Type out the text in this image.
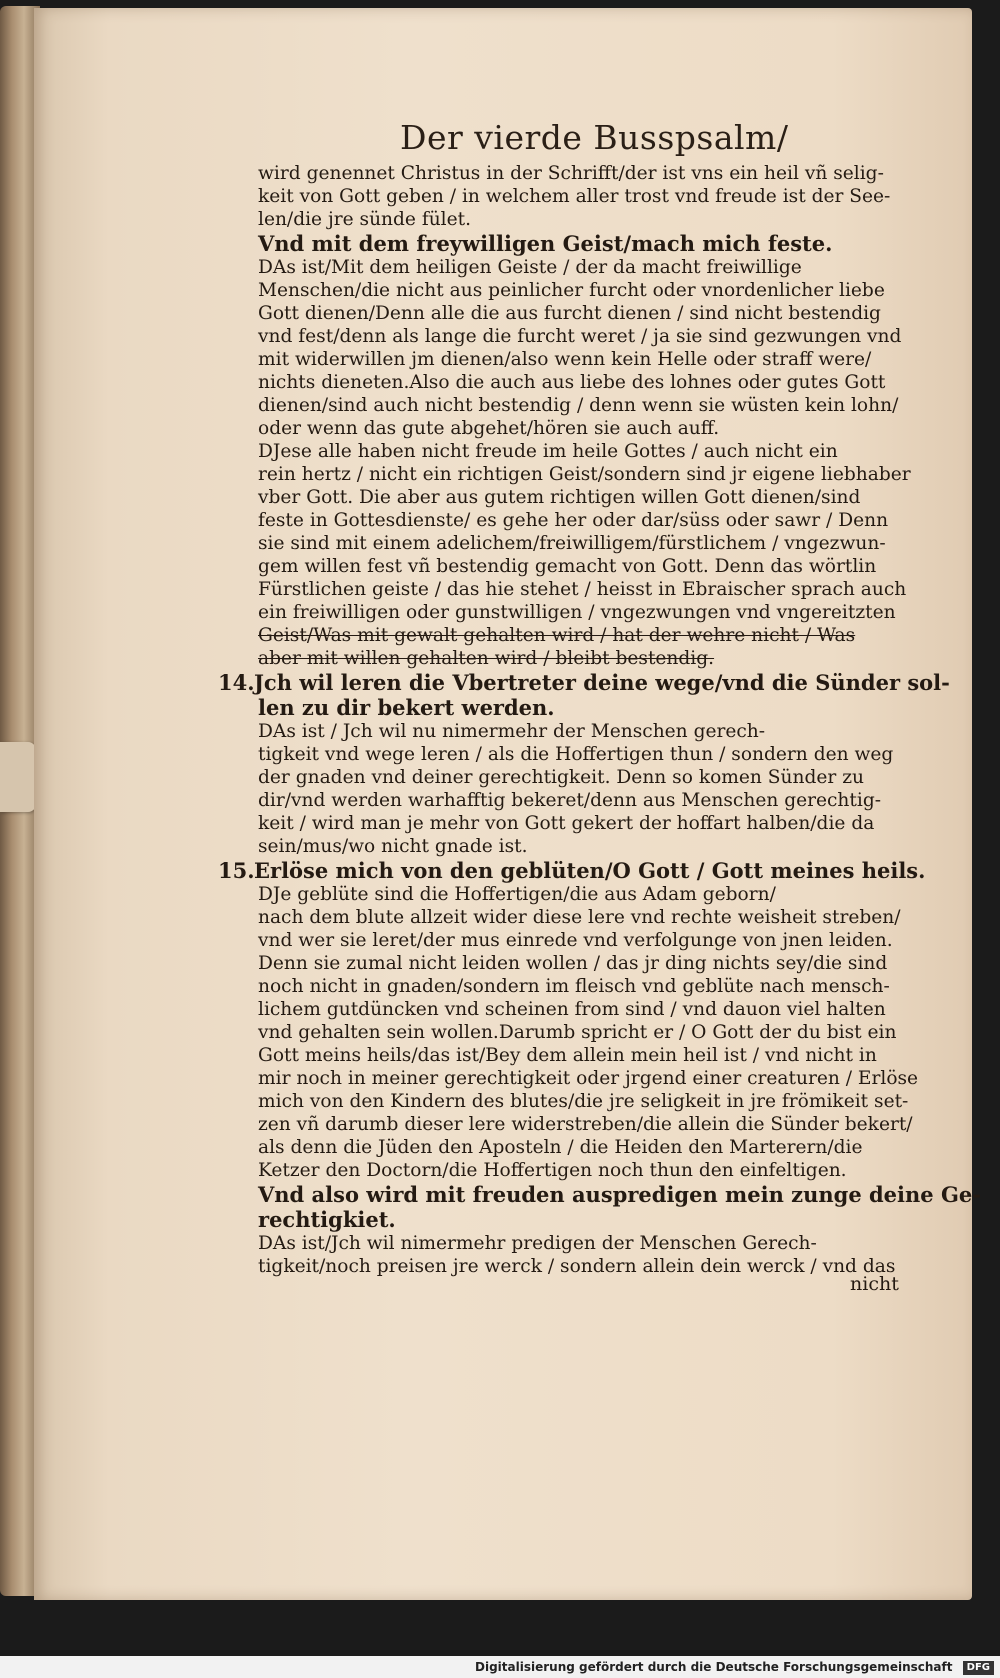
Der vierde Busspsalm/

wird genennet Christus in der Schrifft/der ist vns ein heil vñ selig-

keit von Gott geben / in welchem aller trost vnd freude ist der See-

len/die jre sünde fület.

Vnd mit dem freywilligen Geist/mach mich feste.

DAs ist/Mit dem heiligen Geiste / der da macht freiwillige

Menschen/die nicht aus peinlicher furcht oder vnordenlicher liebe

Gott dienen/Denn alle die aus furcht dienen / sind nicht bestendig

vnd fest/denn als lange die furcht weret / ja sie sind gezwungen vnd

mit widerwillen jm dienen/also wenn kein Helle oder straff were/

nichts dieneten.Also die auch aus liebe des lohnes oder gutes Gott

dienen/sind auch nicht bestendig / denn wenn sie wüsten kein lohn/

oder wenn das gute abgehet/hören sie auch auff.

DJese alle haben nicht freude im heile Gottes / auch nicht ein

rein hertz / nicht ein richtigen Geist/sondern sind jr eigene liebhaber

vber Gott. Die aber aus gutem richtigen willen Gott dienen/sind

feste in Gottesdienste/ es gehe her oder dar/süss oder sawr / Denn

sie sind mit einem adelichem/freiwilligem/fürstlichem / vngezwun-

gem willen fest vñ bestendig gemacht von Gott. Denn das wörtlin

Fürstlichen geiste / das hie stehet / heisst in Ebraischer sprach auch

ein freiwilligen oder gunstwilligen / vngezwungen vnd vngereitzten

Geist/Was mit gewalt gehalten wird / hat der wehre nicht / Was

aber mit willen gehalten wird / bleibt bestendig.

14.Jch wil leren die Vbertreter deine wege/vnd die Sünder sol-

len zu dir bekert werden.

DAs ist / Jch wil nu nimermehr der Menschen gerech-

tigkeit vnd wege leren / als die Hoffertigen thun / sondern den weg

der gnaden vnd deiner gerechtigkeit. Denn so komen Sünder zu

dir/vnd werden warhafftig bekeret/denn aus Menschen gerechtig-

keit / wird man je mehr von Gott gekert der hoffart halben/die da

sein/mus/wo nicht gnade ist.

15.Erlöse mich von den geblüten/O Gott / Gott meines heils.

DJe geblüte sind die Hoffertigen/die aus Adam geborn/

nach dem blute allzeit wider diese lere vnd rechte weisheit streben/

vnd wer sie leret/der mus einrede vnd verfolgunge von jnen leiden.

Denn sie zumal nicht leiden wollen / das jr ding nichts sey/die sind

noch nicht in gnaden/sondern im fleisch vnd geblüte nach mensch-

lichem gutdüncken vnd scheinen from sind / vnd dauon viel halten

vnd gehalten sein wollen.Darumb spricht er / O Gott der du bist ein

Gott meins heils/das ist/Bey dem allein mein heil ist / vnd nicht in

mir noch in meiner gerechtigkeit oder jrgend einer creaturen / Erlöse

mich von den Kindern des blutes/die jre seligkeit in jre frömikeit set-

zen vñ darumb dieser lere widerstreben/die allein die Sünder bekert/

als denn die Jüden den Aposteln / die Heiden den Marterern/die

Ketzer den Doctorn/die Hoffertigen noch thun den einfeltigen.

Vnd also wird mit freuden auspredigen mein zunge deine Ge-

rechtigkiet.

DAs ist/Jch wil nimermehr predigen der Menschen Gerech-

tigkeit/noch preisen jre werck / sondern allein dein werck / vnd das

nicht
Digitalisierung gefördert durch die Deutsche Forschungsgemeinschaft DFG
